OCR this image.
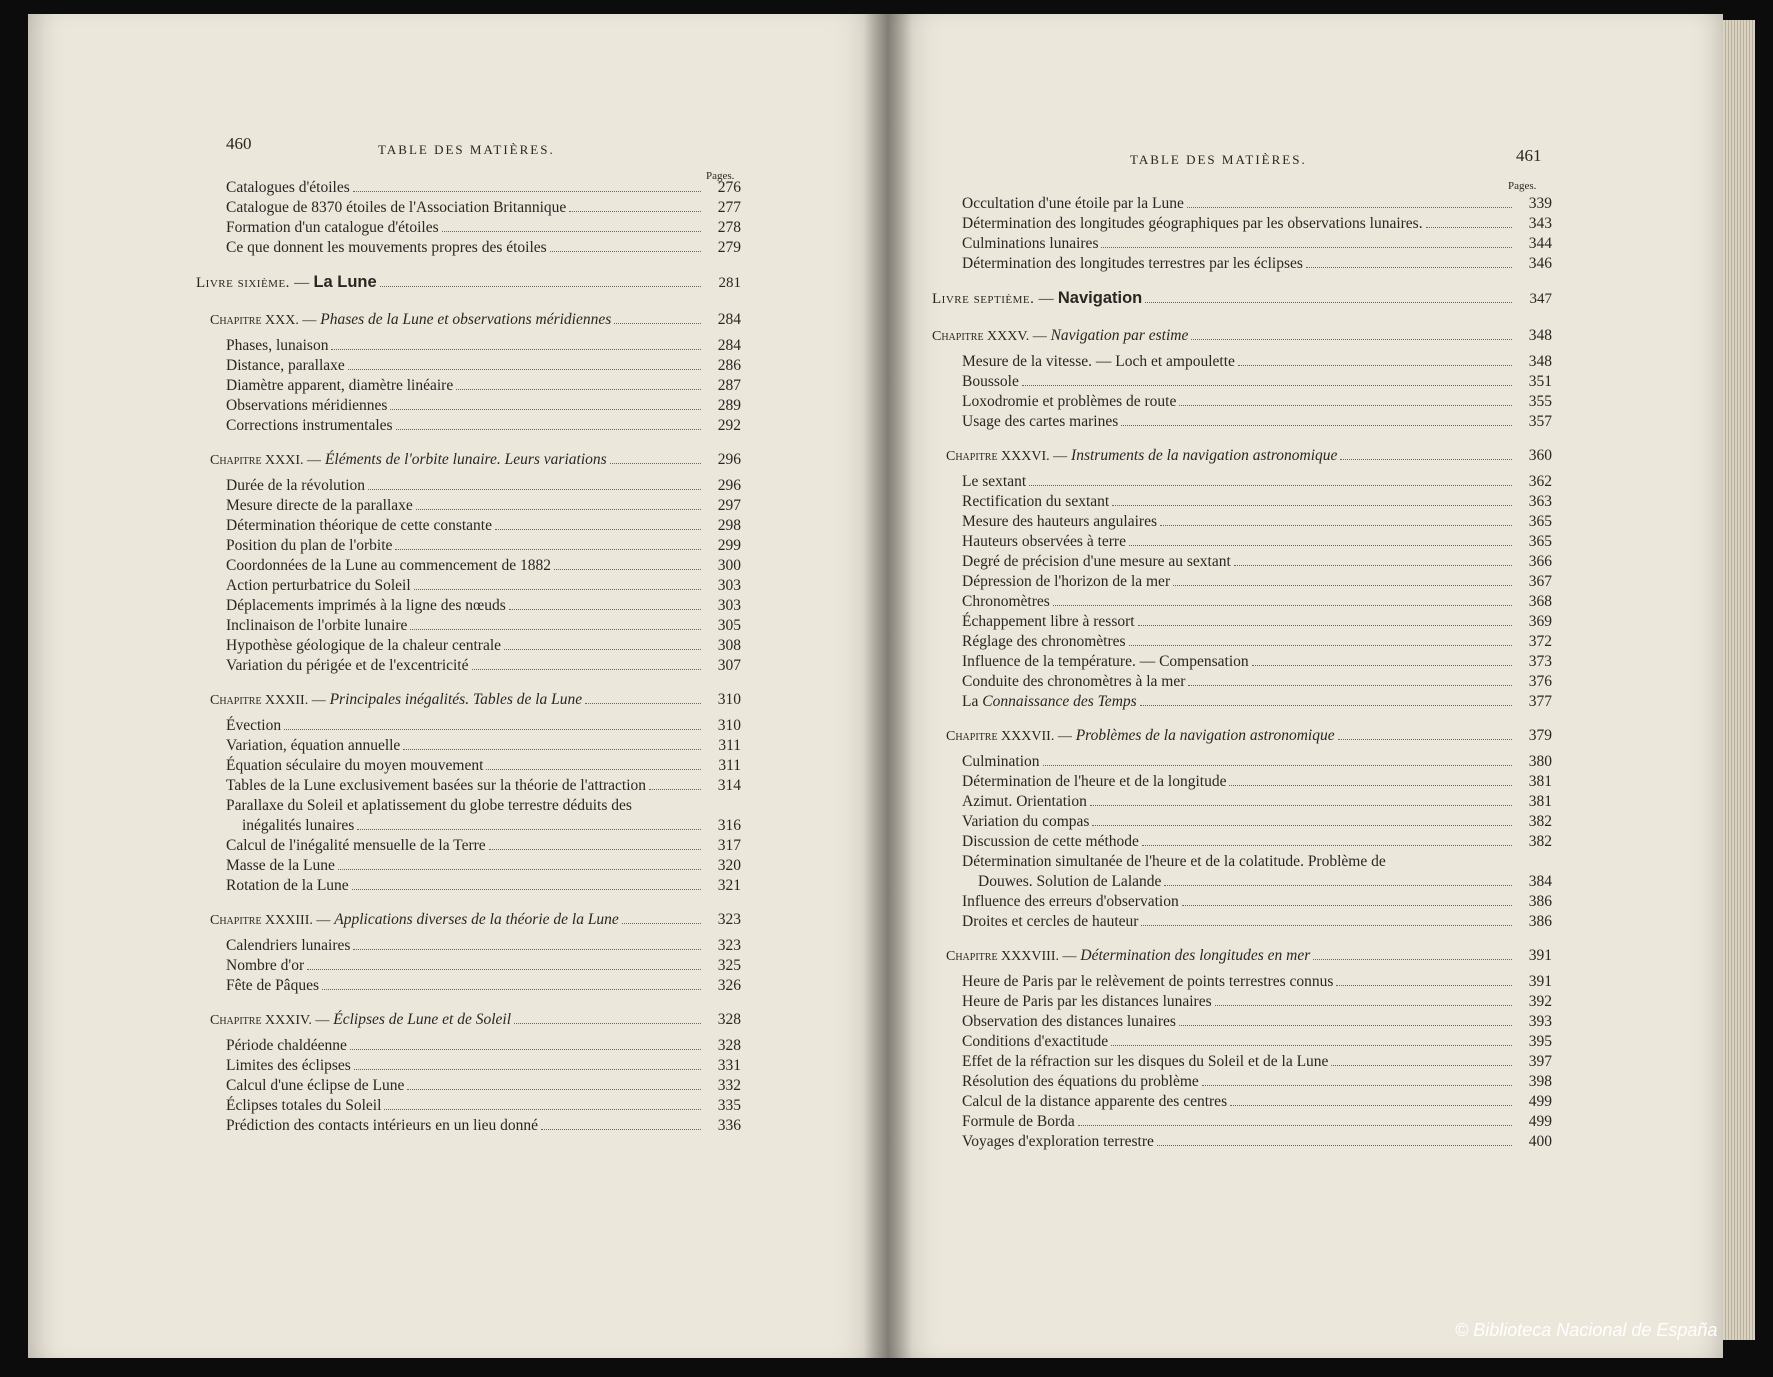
460	TABLE DES MATIÈRES.
Pages.
Catalogues d'étoiles	276
Catalogue de 8370 étoiles de l'Association Britannique	277
Formation d'un catalogue d'étoiles	278
Ce que donnent les mouvements propres des étoiles	279
Livre sixième. — La Lune	281
Chapitre XXX. — Phases de la Lune et observations méridiennes	284
Phases, lunaison	284
Distance, parallaxe	286
Diamètre apparent, diamètre linéaire	287
Observations méridiennes	289
Corrections instrumentales	292
Chapitre XXXI. — Éléments de l'orbite lunaire. Leurs variations	296
Durée de la révolution	296
Mesure directe de la parallaxe	297
Détermination théorique de cette constante	298
Position du plan de l'orbite	299
Coordonnées de la Lune au commencement de 1882	300
Action perturbatrice du Soleil	303
Déplacements imprimés à la ligne des nœuds	303
Inclinaison de l'orbite lunaire	305
Hypothèse géologique de la chaleur centrale	308
Variation du périgée et de l'excentricité	307
Chapitre XXXII. — Principales inégalités. Tables de la Lune	310
Évection	310
Variation, équation annuelle	311
Équation séculaire du moyen mouvement	311
Tables de la Lune exclusivement basées sur la théorie de l'attraction	314
Parallaxe du Soleil et aplatissement du globe terrestre déduits des
inégalités lunaires	316
Calcul de l'inégalité mensuelle de la Terre	317
Masse de la Lune	320
Rotation de la Lune	321
Chapitre XXXIII. — Applications diverses de la théorie de la Lune	323
Calendriers lunaires	323
Nombre d'or	325
Fête de Pâques	326
Chapitre XXXIV. — Éclipses de Lune et de Soleil	328
Période chaldéenne	328
Limites des éclipses	331
Calcul d'une éclipse de Lune	332
Éclipses totales du Soleil	335
Prédiction des contacts intérieurs en un lieu donné	336
TABLE DES MATIÈRES.	461
Pages.
Occultation d'une étoile par la Lune	339
Détermination des longitudes géographiques par les observations lunaires.	343
Culminations lunaires	344
Détermination des longitudes terrestres par les éclipses	346
Livre septième. — Navigation	347
Chapitre XXXV. — Navigation par estime	348
Mesure de la vitesse. — Loch et ampoulette	348
Boussole	351
Loxodromie et problèmes de route	355
Usage des cartes marines	357
Chapitre XXXVI. — Instruments de la navigation astronomique	360
Le sextant	362
Rectification du sextant	363
Mesure des hauteurs angulaires	365
Hauteurs observées à terre	365
Degré de précision d'une mesure au sextant	366
Dépression de l'horizon de la mer	367
Chronomètres	368
Échappement libre à ressort	369
Réglage des chronomètres	372
Influence de la température. — Compensation	373
Conduite des chronomètres à la mer	376
La Connaissance des Temps	377
Chapitre XXXVII. — Problèmes de la navigation astronomique	379
Culmination	380
Détermination de l'heure et de la longitude	381
Azimut. Orientation	381
Variation du compas	382
Discussion de cette méthode	382
Détermination simultanée de l'heure et de la colatitude. Problème de
Douwes. Solution de Lalande	384
Influence des erreurs d'observation	386
Droites et cercles de hauteur	386
Chapitre XXXVIII. — Détermination des longitudes en mer	391
Heure de Paris par le relèvement de points terrestres connus	391
Heure de Paris par les distances lunaires	392
Observation des distances lunaires	393
Conditions d'exactitude	395
Effet de la réfraction sur les disques du Soleil et de la Lune	397
Résolution des équations du problème	398
Calcul de la distance apparente des centres	499
Formule de Borda	499
Voyages d'exploration terrestre	400
© Biblioteca Nacional de España
